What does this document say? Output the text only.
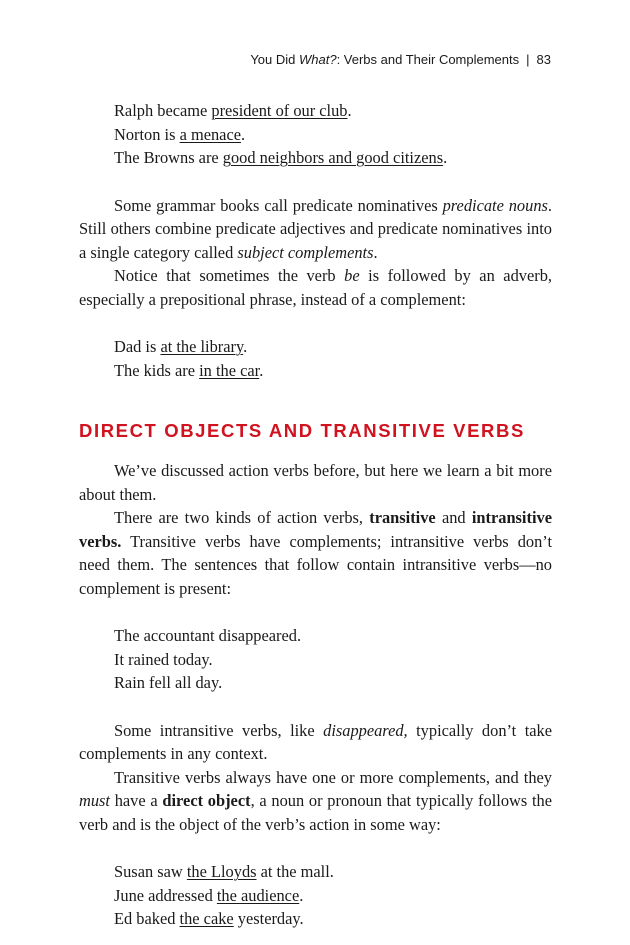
You Did What?: Verbs and Their Complements | 83
Ralph became president of our club.
Norton is a menace.
The Browns are good neighbors and good citizens.

Some grammar books call predicate nominatives predicate nouns. Still others combine predicate adjectives and predicate nominatives into a single category called subject complements.

Notice that sometimes the verb be is followed by an adverb, especially a prepositional phrase, instead of a complement:

Dad is at the library.
The kids are in the car.
DIRECT OBJECTS AND TRANSITIVE VERBS

We’ve discussed action verbs before, but here we learn a bit more about them.

There are two kinds of action verbs, transitive and intransitive verbs. Transitive verbs have complements; intransitive verbs don’t need them. The sentences that follow contain intransitive verbs—no complement is present:

The accountant disappeared.
It rained today.
Rain fell all day.

Some intransitive verbs, like disappeared, typically don’t take complements in any context.

Transitive verbs always have one or more complements, and they must have a direct object, a noun or pronoun that typically follows the verb and is the object of the verb’s action in some way:

Susan saw the Lloyds at the mall.
June addressed the audience.
Ed baked the cake yesterday.
